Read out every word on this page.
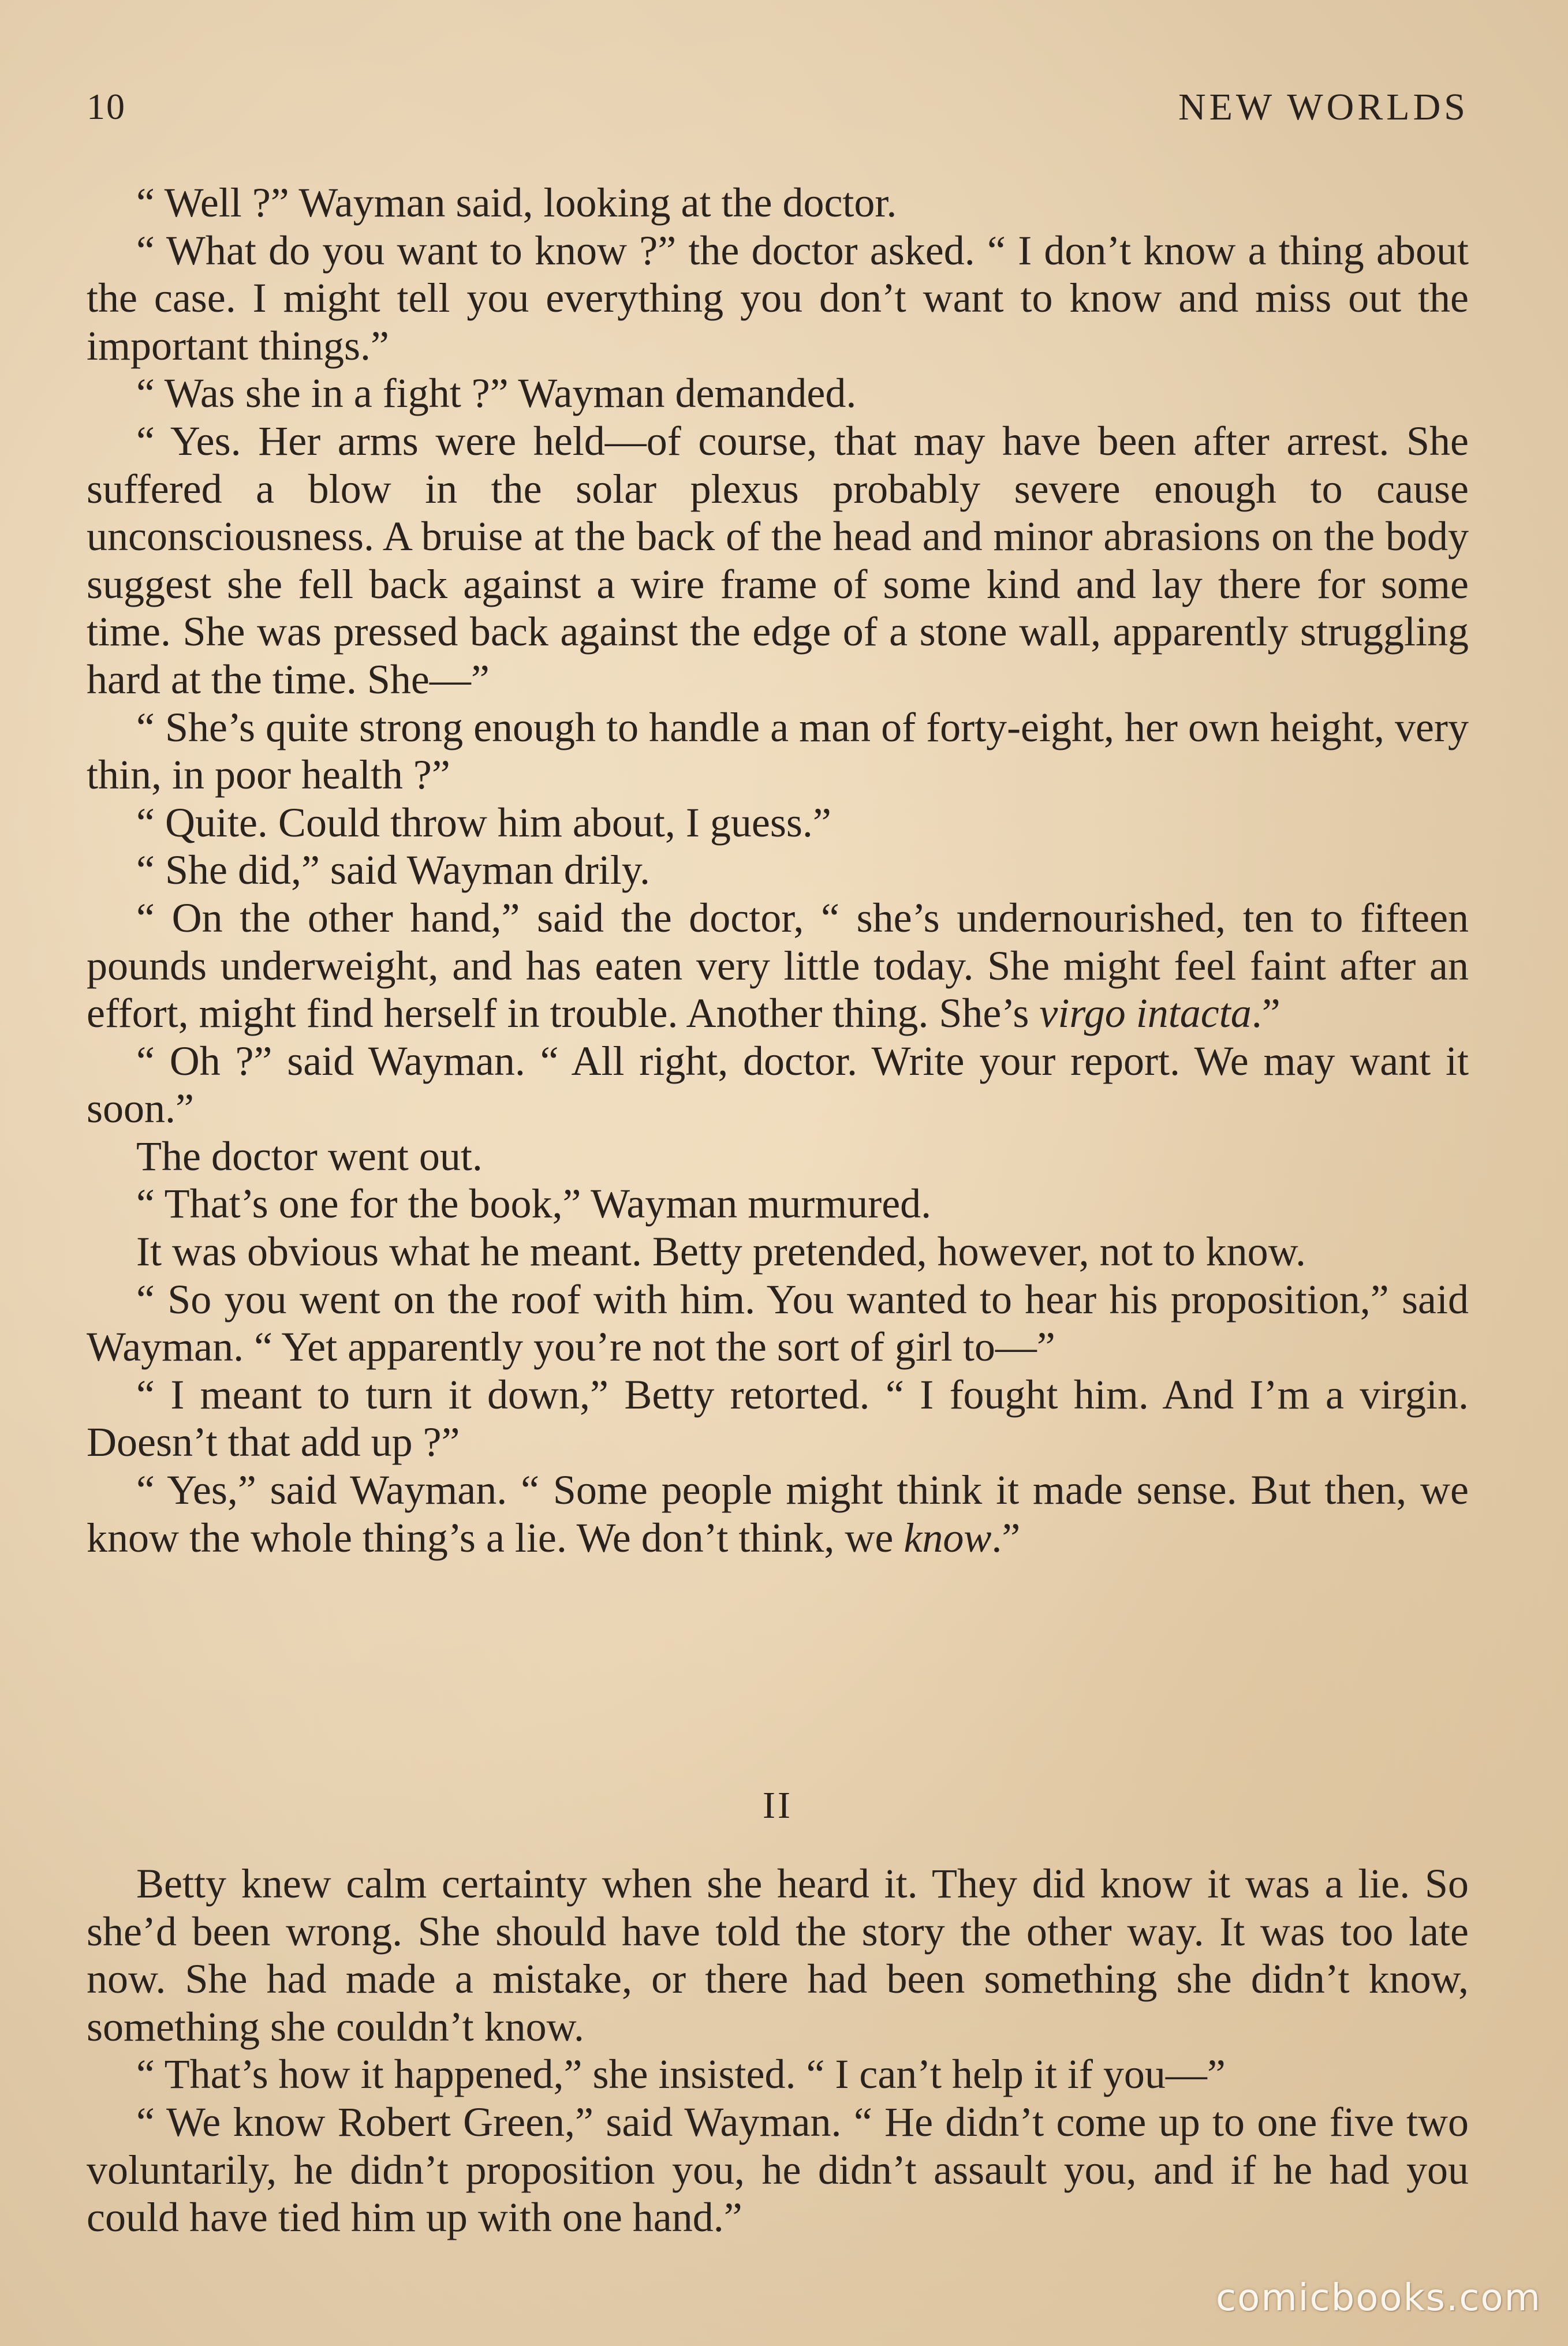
10	NEW WORLDS

“ Well ?” Wayman said, looking at the doctor.

“ What do you want to know ?” the doctor asked. “ I don’t know a thing about the case. I might tell you everything you don’t want to know and miss out the important things.”

“ Was she in a fight ?” Wayman demanded.

“ Yes. Her arms were held—of course, that may have been after arrest. She suffered a blow in the solar plexus probably severe enough to cause unconsciousness. A bruise at the back of the head and minor abrasions on the body suggest she fell back against a wire frame of some kind and lay there for some time. She was pressed back against the edge of a stone wall, apparently struggling hard at the time. She—”

“ She’s quite strong enough to handle a man of forty-eight, her own height, very thin, in poor health ?”

“ Quite. Could throw him about, I guess.”

“ She did,” said Wayman drily.

“ On the other hand,” said the doctor, “ she’s undernourished, ten to fifteen pounds underweight, and has eaten very little today. She might feel faint after an effort, might find herself in trouble. Another thing. She’s virgo intacta.”

“ Oh ?” said Wayman. “ All right, doctor. Write your report. We may want it soon.”

The doctor went out.

“ That’s one for the book,” Wayman murmured.

It was obvious what he meant. Betty pretended, however, not to know.

“ So you went on the roof with him. You wanted to hear his proposition,” said Wayman. “ Yet apparently you’re not the sort of girl to—”

“ I meant to turn it down,” Betty retorted. “ I fought him. And I’m a virgin. Doesn’t that add up ?”

“ Yes,” said Wayman. “ Some people might think it made sense. But then, we know the whole thing’s a lie. We don’t think, we know.”

II

Betty knew calm certainty when she heard it. They did know it was a lie. So she’d been wrong. She should have told the story the other way. It was too late now. She had made a mistake, or there had been something she didn’t know, something she couldn’t know.

“ That’s how it happened,” she insisted. “ I can’t help it if you—”

“ We know Robert Green,” said Wayman. “ He didn’t come up to one five two voluntarily, he didn’t proposition you, he didn’t assault you, and if he had you could have tied him up with one hand.”

comicbooks.com
